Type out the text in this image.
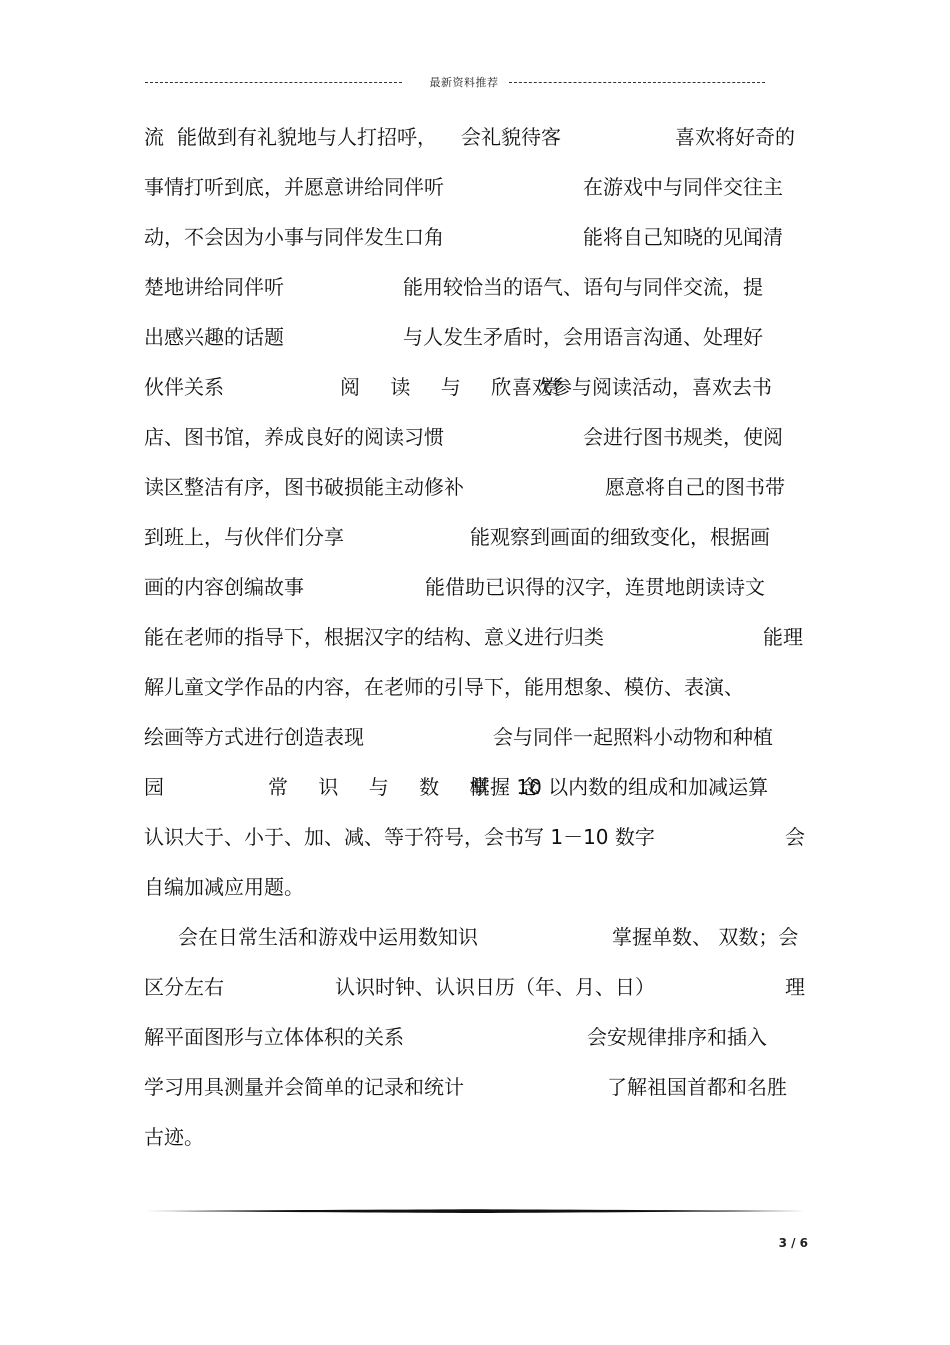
最新资料推荐
流 能做到有礼貌地与人打招呼， 会礼貌待客	喜欢将好奇的
事情打听到底，并愿意讲给同伴听	在游戏中与同伴交往主
动，不会因为小事与同伴发生口角	能将自己知晓的见闻清
楚地讲给同伴听	能用较恰当的语气、语句与同伴交流，提
出感兴趣的话题	与人发生矛盾时，会用语言沟通、处理好
伙伴关系	阅 读 与 欣 赏
喜欢参与阅读活动，喜欢去书
店、图书馆，养成良好的阅读习惯	会进行图书规类，使阅
读区整洁有序，图书破损能主动修补	愿意将自己的图书带
到班上，与伙伴们分享	能观察到画面的细致变化，根据画
画的内容创编故事	能借助已识得的汉字，连贯地朗读诗文
能在老师的指导下，根据汉字的结构、意义进行归类	能理
解儿童文学作品的内容，在老师的引导下，能用想象、模仿、表演、
绘画等方式进行创造表现	会与同伴一起照料小动物和种植
园	常 识 与 数 概 念
掌握 10 以内数的组成和加减运算
认识大于、小于、加、减、等于符号，会书写 1－10 数字	会
自编加减应用题。
会在日常生活和游戏中运用数知识	掌握单数、 双数；会
区分左右	认识时钟、认识日历（年、月、日）	理
解平面图形与立体体积的关系	会安规律排序和插入
学习用具测量并会简单的记录和统计	了解祖国首都和名胜
古迹。
3 / 6
